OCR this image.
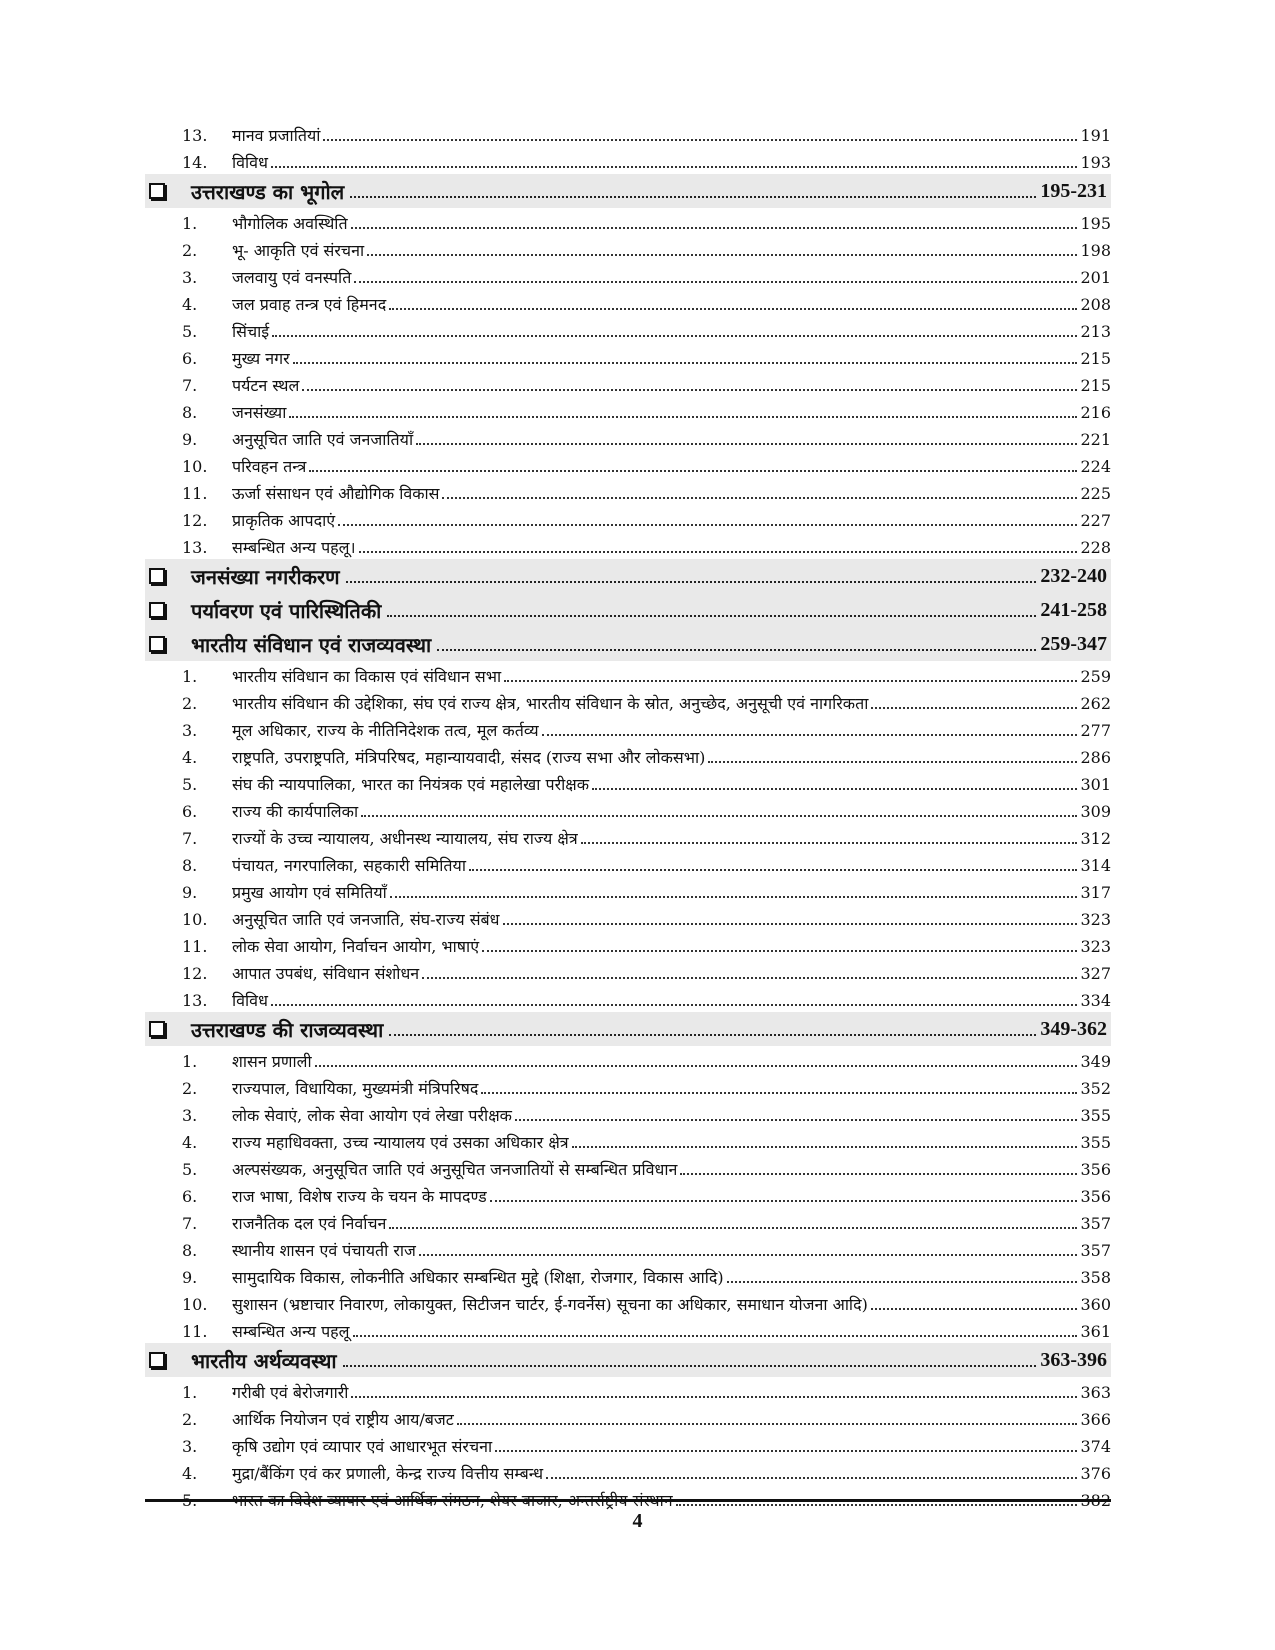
13.	मानव प्रजातियां	191
14.	विविध	193
उत्तराखण्ड का भूगोल	195-231
1.	भौगोलिक अवस्थिति	195
2.	भू- आकृति एवं संरचना	198
3.	जलवायु एवं वनस्पति	201
4.	जल प्रवाह तन्त्र एवं हिमनद	208
5.	सिंचाई	213
6.	मुख्य नगर	215
7.	पर्यटन स्थल	215
8.	जनसंख्या	216
9.	अनुसूचित जाति एवं जनजातियाँ	221
10.	परिवहन तन्त्र	224
11.	ऊर्जा संसाधन एवं औद्योगिक विकास	225
12.	प्राकृतिक आपदाएं	227
13.	सम्बन्धित अन्य पहलू।	228
जनसंख्या नगरीकरण	232-240
पर्यावरण एवं पारिस्थितिकी	241-258
भारतीय संविधान एवं राजव्यवस्था	259-347
1.	भारतीय संविधान का विकास एवं संविधान सभा	259
2.	भारतीय संविधान की उद्देशिका, संघ एवं राज्य क्षेत्र, भारतीय संविधान के स्रोत, अनुच्छेद, अनुसूची एवं नागरिकता	262
3.	मूल अधिकार, राज्य के नीतिनिदेशक तत्व, मूल कर्तव्य	277
4.	राष्ट्रपति, उपराष्ट्रपति, मंत्रिपरिषद, महान्यायवादी, संसद (राज्य सभा और लोकसभा)	286
5.	संघ की न्यायपालिका, भारत का नियंत्रक एवं महालेखा परीक्षक	301
6.	राज्य की कार्यपालिका	309
7.	राज्यों के उच्च न्यायालय, अधीनस्थ न्यायालय, संघ राज्य क्षेत्र	312
8.	पंचायत, नगरपालिका, सहकारी समितिया	314
9.	प्रमुख आयोग एवं समितियाँ	317
10.	अनुसूचित जाति एवं जनजाति, संघ-राज्य संबंध	323
11.	लोक सेवा आयोग, निर्वाचन आयोग, भाषाएं	323
12.	आपात उपबंध, संविधान संशोधन	327
13.	विविध	334
उत्तराखण्ड की राजव्यवस्था	349-362
1.	शासन प्रणाली	349
2.	राज्यपाल, विधायिका, मुख्यमंत्री मंत्रिपरिषद	352
3.	लोक सेवाएं, लोक सेवा आयोग एवं लेखा परीक्षक	355
4.	राज्य महाधिवक्ता, उच्च न्यायालय एवं उसका अधिकार क्षेत्र	355
5.	अल्पसंख्यक, अनुसूचित जाति एवं अनुसूचित जनजातियों से सम्बन्धित प्रविधान	356
6.	राज भाषा, विशेष राज्य के चयन के मापदण्ड	356
7.	राजनैतिक दल एवं निर्वाचन	357
8.	स्थानीय शासन एवं पंचायती राज	357
9.	सामुदायिक विकास, लोकनीति अधिकार सम्बन्धित मुद्दे (शिक्षा, रोजगार, विकास आदि)	358
10.	सुशासन (भ्रष्टाचार निवारण, लोकायुक्त, सिटीजन चार्टर, ई-गवर्नेस) सूचना का अधिकार, समाधान योजना आदि)	360
11.	सम्बन्धित अन्य पहलू	361
भारतीय अर्थव्यवस्था	363-396
1.	गरीबी एवं बेरोजगारी	363
2.	आर्थिक नियोजन एवं राष्ट्रीय आय/बजट	366
3.	कृषि उद्योग एवं व्यापार एवं आधारभूत संरचना	374
4.	मुद्रा/बैंकिंग एवं कर प्रणाली, केन्द्र राज्य वित्तीय सम्बन्ध	376
5.	भारत का विदेश व्यापार एवं आर्थिक संगठन, शेयर बाजार, अन्तर्राष्ट्रीय संस्थान	382
4
